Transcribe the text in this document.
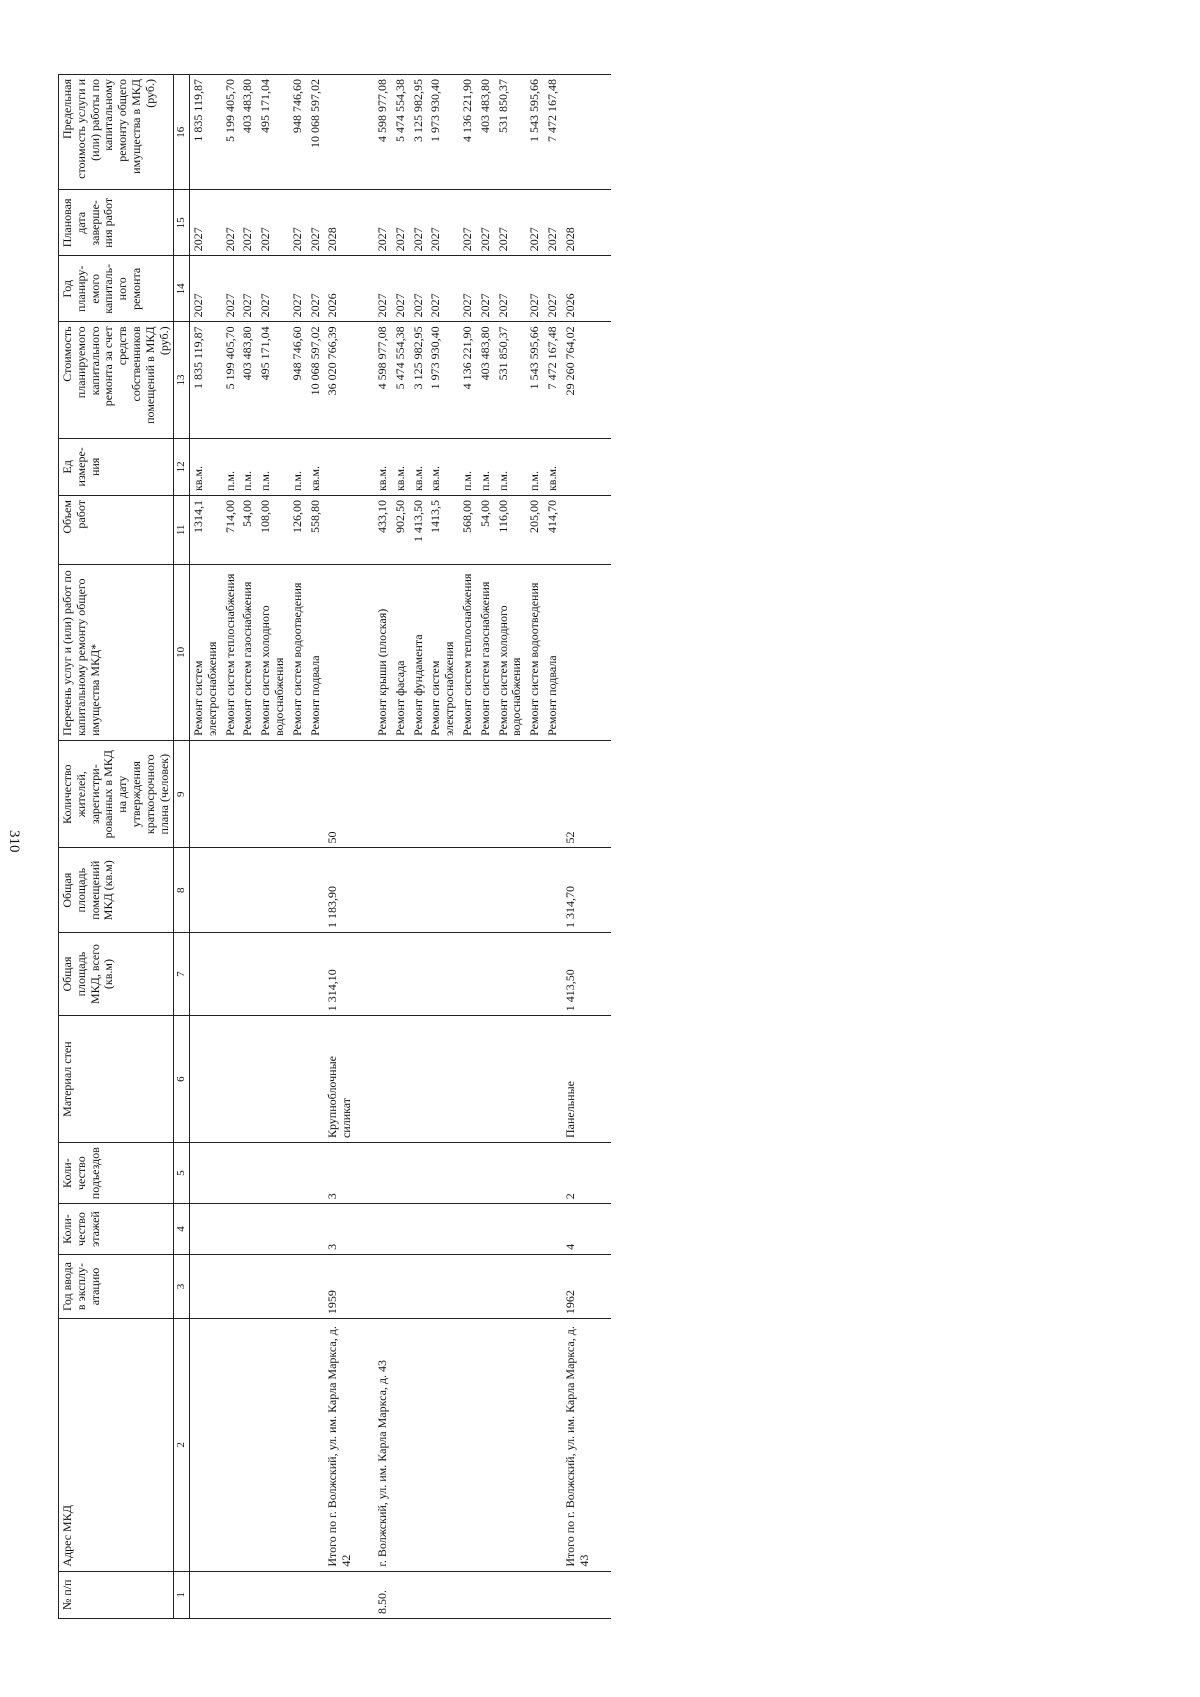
310
№ п/п	Адрес МКД	Год ввода в эксплу- атацию	Коли- чество этажей	Коли- чество подъездов	Материал стен	Общая площадь МКД, всего (кв.м)	Общая площадь помещений МКД (кв.м)	Количество жителей, зарегистри- рованных в МКД на дату утверждения краткосрочного плана (человек)	Перечень услуг и (или) работ по капитальному ремонту общего имущества МКД*	Объем работ	Ед измере- ния	Стоимость планируемого капитального ремонта за счет средств собственников помещений в МКД (руб.)	Год планиру- емого капиталь- ного ремонта	Плановая дата заверше- ния работ	Предельная стоимость услуги и (или) работы по капитальному ремонту общего имущества в МКД (руб.)
1	2	3	4	5	6	7	8	9	10	11	12	13	14	15	16
									Ремонт систем электроснабжения	1314,1	кв.м.	1 835 119,87	2027	2027	1 835 119,87
									Ремонт систем теплоснабжения	714,00	п.м.	5 199 405,70	2027	2027	5 199 405,70
									Ремонт систем газоснабжения	54,00	п.м.	403 483,80	2027	2027	403 483,80
									Ремонт систем холодного водоснабжения	108,00	п.м.	495 171,04	2027	2027	495 171,04
									Ремонт систем водоотведения	126,00	п.м.	948 746,60	2027	2027	948 746,60
									Ремонт подвала	558,80	кв.м.	10 068 597,02	2027	2027	10 068 597,02
	Итого по г. Волжский, ул. им. Карла Маркса, д. 42	1959	3	3	Крупноблочные силикат	1 314,10	1 183,90	50				36 020 766,39	2026	2028	

8.50.	г. Волжский, ул. им. Карла Маркса, д. 43								Ремонт крыши (плоская)	433,10	кв.м.	4 598 977,08	2027	2027	4 598 977,08
									Ремонт фасада	902,50	кв.м.	5 474 554,38	2027	2027	5 474 554,38
									Ремонт фундамента	1 413,50	кв.м.	3 125 982,95	2027	2027	3 125 982,95
									Ремонт систем электроснабжения	1413,5	кв.м.	1 973 930,40	2027	2027	1 973 930,40
									Ремонт систем теплоснабжения	568,00	п.м.	4 136 221,90	2027	2027	4 136 221,90
									Ремонт систем газоснабжения	54,00	п.м.	403 483,80	2027	2027	403 483,80
									Ремонт систем холодного водоснабжения	116,00	п.м.	531 850,37	2027	2027	531 850,37
									Ремонт систем водоотведения	205,00	п.м.	1 543 595,66	2027	2027	1 543 595,66
									Ремонт подвала	414,70	кв.м.	7 472 167,48	2027	2027	7 472 167,48
	Итого по г. Волжский, ул. им. Карла Маркса, д. 43	1962	4	2	Панельные	1 413,50	1 314,70	52				29 260 764,02	2026	2028	
